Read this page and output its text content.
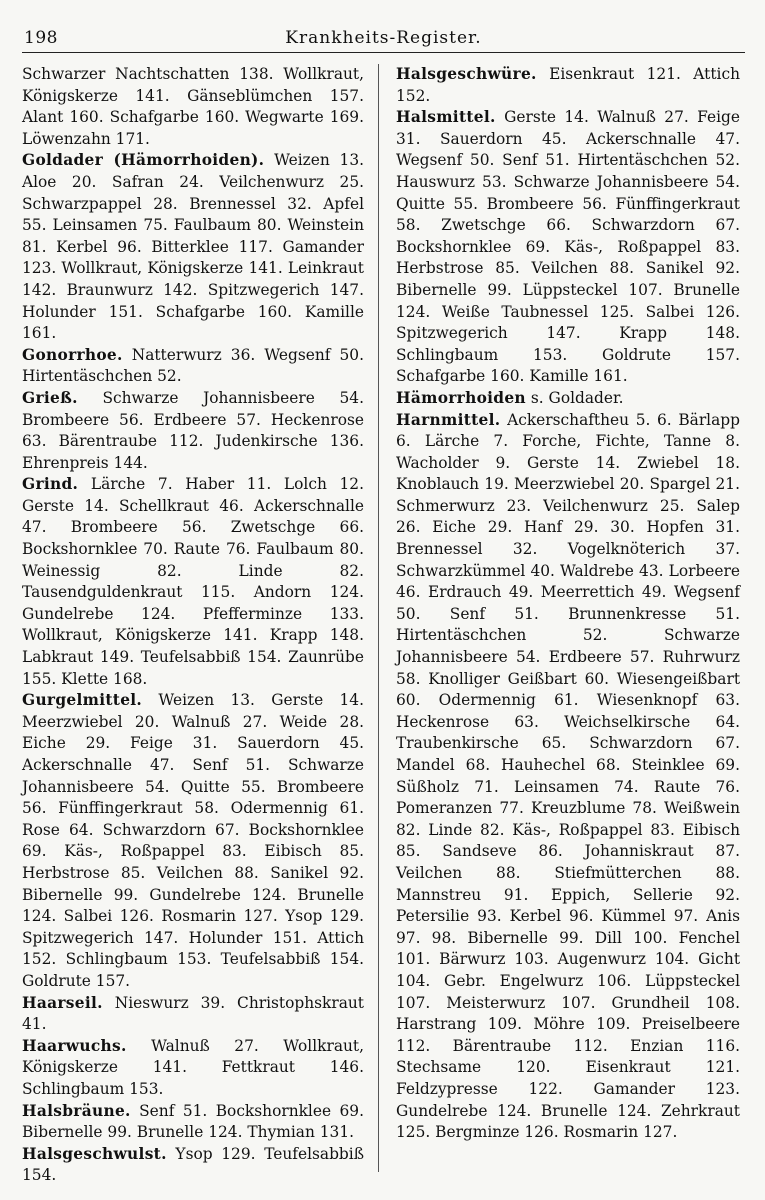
198	Krankheits-Register.

Schwarzer Nachtschatten 138. Wollkraut, Königskerze 141. Gänseblümchen 157. Alant 160. Schafgarbe 160. Wegwarte 169. Löwenzahn 171.

Goldader (Hämorrhoiden). Weizen 13. Aloe 20. Safran 24. Veilchenwurz 25. Schwarzpappel 28. Brennessel 32. Apfel 55. Leinsamen 75. Faulbaum 80. Weinstein 81. Kerbel 96. Bitterklee 117. Gamander 123. Wollkraut, Königskerze 141. Leinkraut 142. Braunwurz 142. Spitzwegerich 147. Holunder 151. Schafgarbe 160. Kamille 161.

Gonorrhoe. Natterwurz 36. Wegsenf 50. Hirtentäschchen 52.

Grieß. Schwarze Johannisbeere 54. Brombeere 56. Erdbeere 57. Heckenrose 63. Bärentraube 112. Judenkirsche 136. Ehrenpreis 144.

Grind. Lärche 7. Haber 11. Lolch 12. Gerste 14. Schellkraut 46. Ackerschnalle 47. Brombeere 56. Zwetschge 66. Bockshornklee 70. Raute 76. Faulbaum 80. Weinessig 82. Linde 82. Tausendguldenkraut 115. Andorn 124. Gundelrebe 124. Pfefferminze 133. Wollkraut, Königskerze 141. Krapp 148. Labkraut 149. Teufelsabbiß 154. Zaunrübe 155. Klette 168.

Gurgelmittel. Weizen 13. Gerste 14. Meerzwiebel 20. Walnuß 27. Weide 28. Eiche 29. Feige 31. Sauerdorn 45. Ackerschnalle 47. Senf 51. Schwarze Johannisbeere 54. Quitte 55. Brombeere 56. Fünffingerkraut 58. Odermennig 61. Rose 64. Schwarzdorn 67. Bockshornklee 69. Käs-, Roßpappel 83. Eibisch 85. Herbstrose 85. Veilchen 88. Sanikel 92. Bibernelle 99. Gundelrebe 124. Brunelle 124. Salbei 126. Rosmarin 127. Ysop 129. Spitzwegerich 147. Holunder 151. Attich 152. Schlingbaum 153. Teufelsabbiß 154. Goldrute 157.

Haarseil. Nieswurz 39. Christophskraut 41.

Haarwuchs. Walnuß 27. Wollkraut, Königskerze 141. Fettkraut 146. Schlingbaum 153.

Halsbräune. Senf 51. Bockshornklee 69. Bibernelle 99. Brunelle 124. Thymian 131.

Halsgeschwulst. Ysop 129. Teufelsabbiß 154.

Halsgeschwüre. Eisenkraut 121. Attich 152.

Halsmittel. Gerste 14. Walnuß 27. Feige 31. Sauerdorn 45. Ackerschnalle 47. Wegsenf 50. Senf 51. Hirtentäschchen 52. Hauswurz 53. Schwarze Johannisbeere 54. Quitte 55. Brombeere 56. Fünffingerkraut 58. Zwetschge 66. Schwarzdorn 67. Bockshornklee 69. Käs-, Roßpappel 83. Herbstrose 85. Veilchen 88. Sanikel 92. Bibernelle 99. Lüppsteckel 107. Brunelle 124. Weiße Taubnessel 125. Salbei 126. Spitzwegerich 147. Krapp 148. Schlingbaum 153. Goldrute 157. Schafgarbe 160. Kamille 161.

Hämorrhoiden s. Goldader.

Harnmittel. Ackerschaftheu 5. 6. Bärlapp 6. Lärche 7. Forche, Fichte, Tanne 8. Wacholder 9. Gerste 14. Zwiebel 18. Knoblauch 19. Meerzwiebel 20. Spargel 21. Schmerwurz 23. Veilchenwurz 25. Salep 26. Eiche 29. Hanf 29. 30. Hopfen 31. Brennessel 32. Vogelknöterich 37. Schwarzkümmel 40. Waldrebe 43. Lorbeere 46. Erdrauch 49. Meerrettich 49. Wegsenf 50. Senf 51. Brunnenkresse 51. Hirtentäschchen 52. Schwarze Johannisbeere 54. Erdbeere 57. Ruhrwurz 58. Knolliger Geißbart 60. Wiesengeißbart 60. Odermennig 61. Wiesenknopf 63. Heckenrose 63. Weichselkirsche 64. Traubenkirsche 65. Schwarzdorn 67. Mandel 68. Hauhechel 68. Steinklee 69. Süßholz 71. Leinsamen 74. Raute 76. Pomeranzen 77. Kreuzblume 78. Weißwein 82. Linde 82. Käs-, Roßpappel 83. Eibisch 85. Sandseve 86. Johanniskraut 87. Veilchen 88. Stiefmütterchen 88. Mannstreu 91. Eppich, Sellerie 92. Petersilie 93. Kerbel 96. Kümmel 97. Anis 97. 98. Bibernelle 99. Dill 100. Fenchel 101. Bärwurz 103. Augenwurz 104. Gicht 104. Gebr. Engelwurz 106. Lüppsteckel 107. Meisterwurz 107. Grundheil 108. Harstrang 109. Möhre 109. Preiselbeere 112. Bärentraube 112. Enzian 116. Stechsame 120. Eisenkraut 121. Feldzypresse 122. Gamander 123. Gundelrebe 124. Brunelle 124. Zehrkraut 125. Bergminze 126. Rosmarin 127.
